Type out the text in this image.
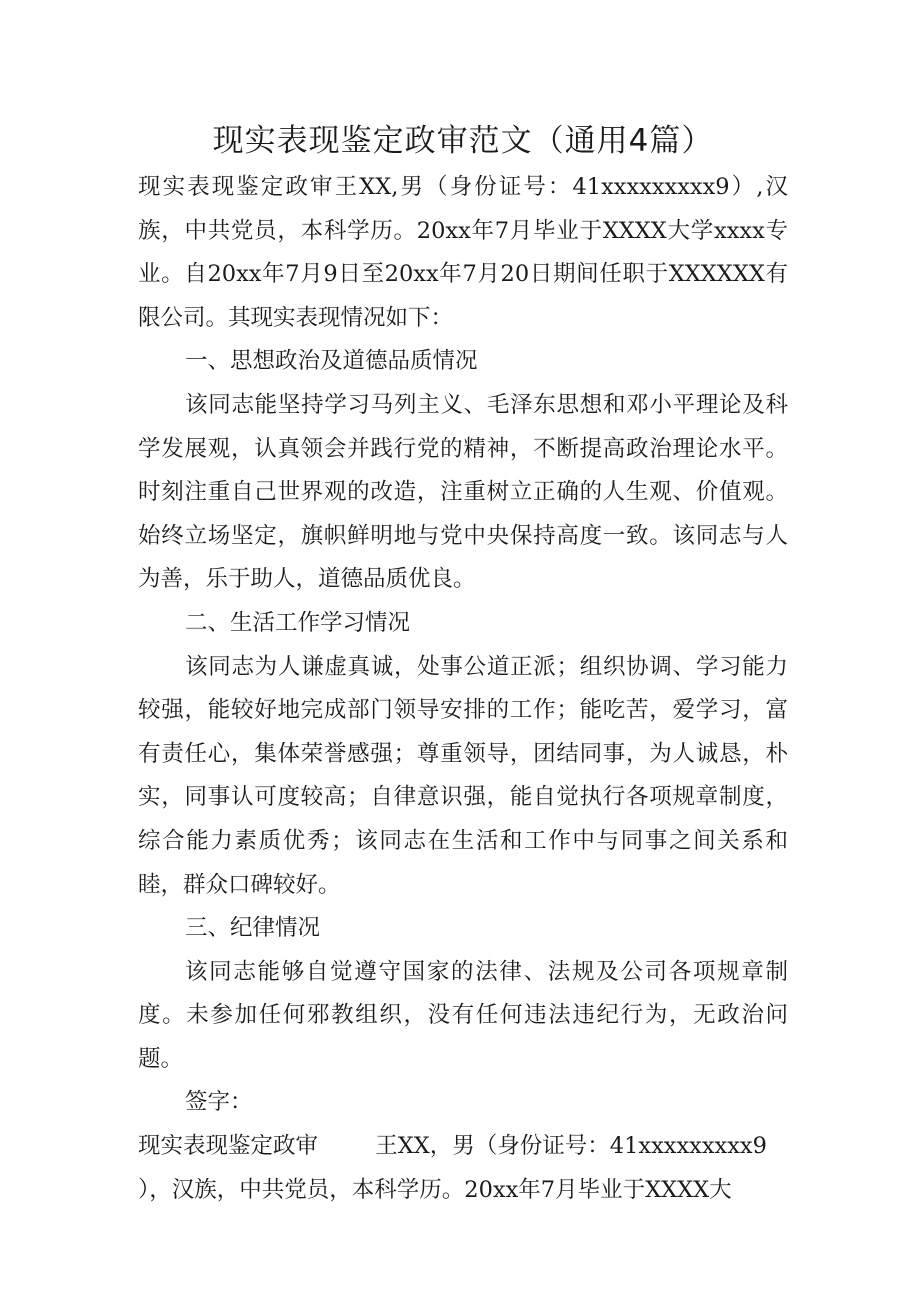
现实表现鉴定政审范文（通用4篇）

现实表现鉴定政审王XX,男（身份证号：41xxxxxxxxx9）,汉族，中共党员，本科学历。20xx年7月毕业于XXXX大学xxxx专业。自20xx年7月9日至20xx年7月20日期间任职于XXXXXX有限公司。其现实表现情况如下：

一、思想政治及道德品质情况

该同志能坚持学习马列主义、毛泽东思想和邓小平理论及科学发展观，认真领会并践行党的精神，不断提高政治理论水平。时刻注重自己世界观的改造，注重树立正确的人生观、价值观。始终立场坚定，旗帜鲜明地与党中央保持高度一致。该同志与人为善，乐于助人，道德品质优良。

二、生活工作学习情况

该同志为人谦虚真诚，处事公道正派；组织协调、学习能力较强，能较好地完成部门领导安排的工作；能吃苦，爱学习，富有责任心，集体荣誉感强；尊重领导，团结同事，为人诚恳，朴实，同事认可度较高；自律意识强，能自觉执行各项规章制度，综合能力素质优秀；该同志在生活和工作中与同事之间关系和睦，群众口碑较好。

三、纪律情况

该同志能够自觉遵守国家的法律、法规及公司各项规章制度。未参加任何邪教组织，没有任何违法违纪行为，无政治问题。

签字：

现实表现鉴定政审        王XX，男（身份证号：41xxxxxxxxx9

），汉族，中共党员，本科学历。20xx年7月毕业于XXXX大
